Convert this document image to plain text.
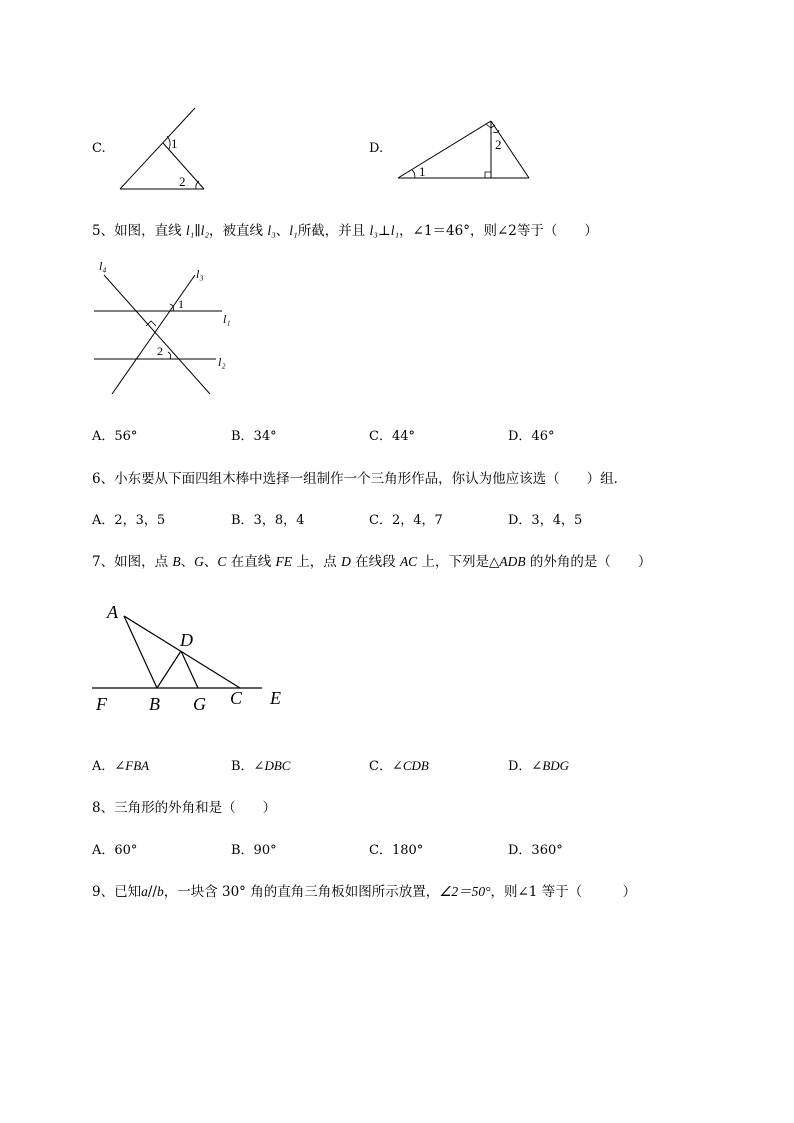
C.	1
2
D.
1
2
5、如图，直线 l₁∥l₂，被直线 l₃、l₁所截，并且 l₃⊥l₁，∠1＝46°，则∠2等于（　　）
l₄
l₃
l₁
l₂
1
2
A．56°	B．34°	C．44°	D．46°
6、小东要从下面四组木棒中选择一组制作一个三角形作品，你认为他应该选（　　）组．
A．2，3，5	B．3，8，4	C．2，4，7	D．3，4，5
7、如图，点 B、G、C 在直线 FE 上，点 D 在线段 AC 上，下列是△ADB 的外角的是（　　）
A
D
F B G C E
A．∠FBA	B．∠DBC	C．∠CDB	D．∠BDG
8、三角形的外角和是（　　）
A．60°	B．90°	C．180°	D．360°
9、已知a//b，一块含 30° 角的直角三角板如图所示放置，∠2＝50°，则∠1 等于（　　　）
